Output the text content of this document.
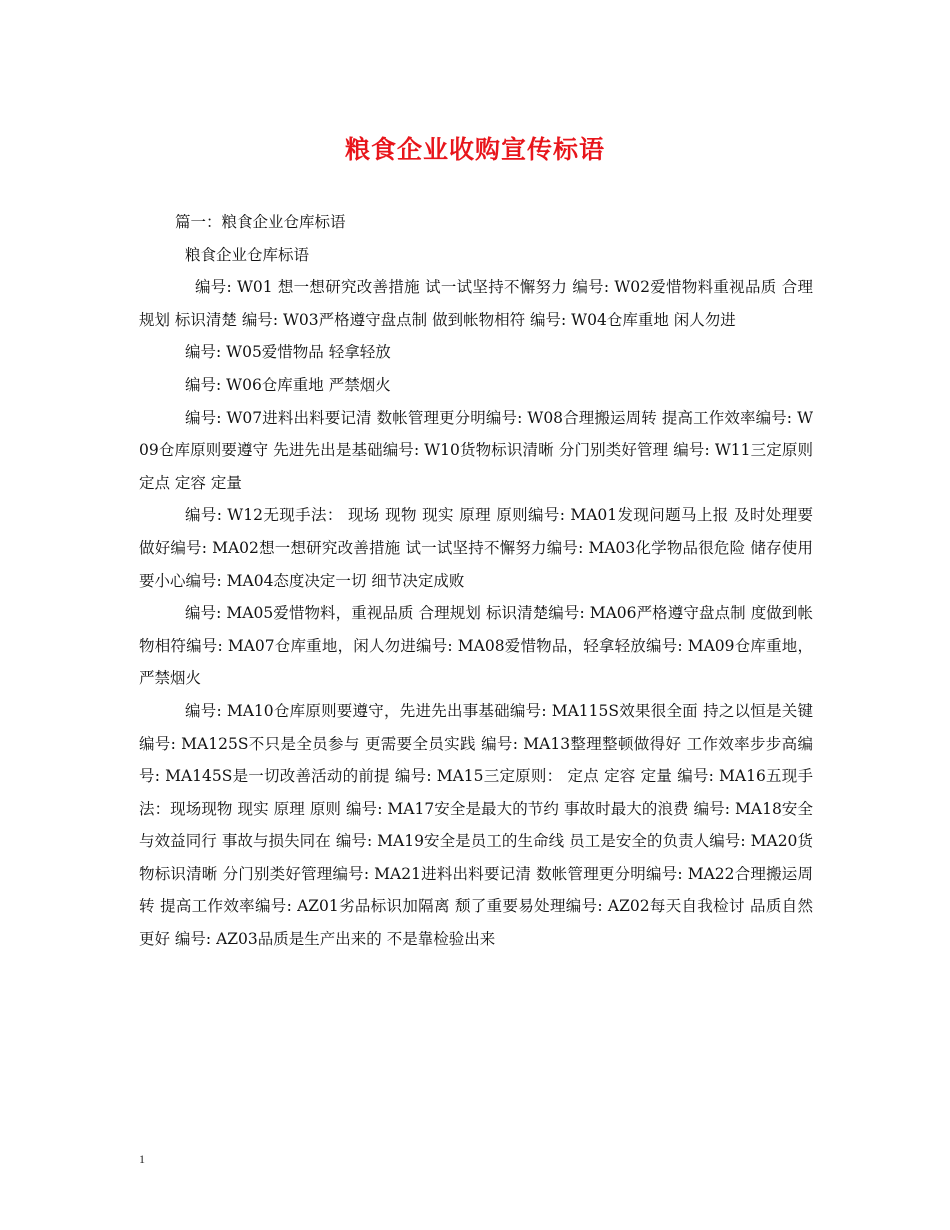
粮食企业收购宣传标语

篇一：粮食企业仓库标语

粮食企业仓库标语

编号: W01 想一想研究改善措施 试一试坚持不懈努力 编号: W02爱惜物料重视品质 合理规划 标识清楚 编号: W03严格遵守盘点制 做到帐物相符 编号: W04仓库重地 闲人勿进

编号: W05爱惜物品 轻拿轻放

编号: W06仓库重地 严禁烟火

编号: W07进料出料要记清 数帐管理更分明编号: W08合理搬运周转 提高工作效率编号: W09仓库原则要遵守 先进先出是基础编号: W10货物标识清晰 分门别类好管理 编号: W11三定原则 定点 定容 定量

编号: W12无现手法： 现场 现物 现实 原理 原则编号: MA01发现问题马上报 及时处理要做好编号: MA02想一想研究改善措施 试一试坚持不懈努力编号: MA03化学物品很危险 储存使用要小心编号: MA04态度决定一切 细节决定成败

编号: MA05爱惜物料，重视品质 合理规划 标识清楚编号: MA06严格遵守盘点制 度做到帐物相符编号: MA07仓库重地，闲人勿进编号: MA08爱惜物品，轻拿轻放编号: MA09仓库重地，严禁烟火

编号: MA10仓库原则要遵守，先进先出事基础编号: MA115S效果很全面 持之以恒是关键 编号: MA125S不只是全员参与 更需要全员实践 编号: MA13整理整顿做得好 工作效率步步高编号: MA145S是一切改善活动的前提 编号: MA15三定原则： 定点 定容 定量 编号: MA16五现手法：现场现物 现实 原理 原则 编号: MA17安全是最大的节约 事故时最大的浪费 编号: MA18安全与效益同行 事故与损失同在 编号: MA19安全是员工的生命线 员工是安全的负责人编号: MA20货物标识清晰 分门别类好管理编号: MA21进料出料要记清 数帐管理更分明编号: MA22合理搬运周转 提高工作效率编号: AZ01劣品标识加隔离 颓了重要易处理编号: AZ02每天自我检讨 品质自然更好 编号: AZ03品质是生产出来的 不是靠检验出来

1
